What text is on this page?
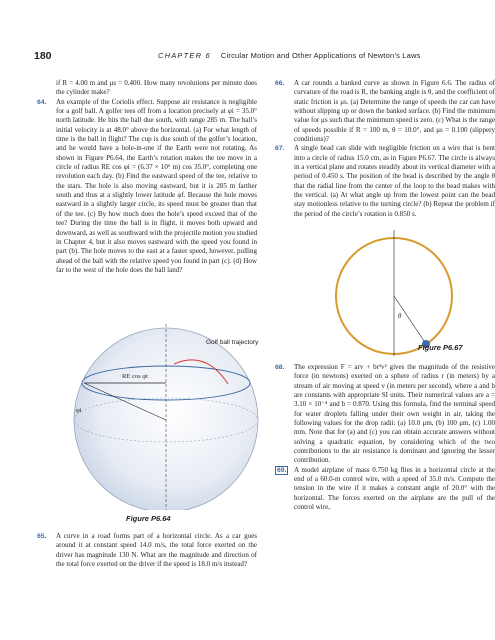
180	CHAPTER 6 Circular Motion and Other Applications of Newton’s Laws

if R = 4.00 m and μs = 0.400. How many revolutions per minute does the cylinder make?

64. An example of the Coriolis effect. Suppose air resistance is negligible for a golf ball. A golfer tees off from a location precisely at φi = 35.0° north latitude. He hits the ball due south, with range 285 m. The ball’s initial velocity is at 48.0° above the horizontal. (a) For what length of time is the ball in flight? The cup is due south of the golfer’s location, and he would have a hole-in-one if the Earth were not rotating. As shown in Figure P6.64, the Earth’s rotation makes the tee move in a circle of radius RE cos φi = (6.37 × 10⁶ m) cos 35.0°, completing one revolution each day. (b) Find the eastward speed of the tee, relative to the stars. The hole is also moving eastward, but it is 285 m farther south and thus at a slightly lower latitude φf. Because the hole moves eastward in a slightly larger circle, its speed must be greater than that of the tee. (c) By how much does the hole’s speed exceed that of the tee? During the time the ball is in flight, it moves both upward and downward, as well as southward with the projectile motion you studied in Chapter 4, but it also moves eastward with the speed you found in part (b). The hole moves to the east at a faster speed, however, pulling ahead of the ball with the relative speed you found in part (c). (d) How far to the west of the hole does the ball land?

65. A curve in a road forms part of a horizontal circle. As a car goes around it at constant speed 14.0 m/s, the total force exerted on the driver has magnitude 130 N. What are the magnitude and direction of the total force exerted on the driver if the speed is 18.0 m/s instead?

66. A car rounds a banked curve as shown in Figure 6.6. The radius of curvature of the road is R, the banking angle is θ, and the coefficient of static friction is μs. (a) Determine the range of speeds the car can have without slipping up or down the banked surface. (b) Find the minimum value for μs such that the minimum speed is zero. (c) What is the range of speeds possible if R = 100 m, θ = 10.0°, and μs = 0.100 (slippery conditions)?

67. A single bead can slide with negligible friction on a wire that is bent into a circle of radius 15.0 cm, as in Figure P6.67. The circle is always in a vertical plane and rotates steadily about its vertical diameter with a period of 0.450 s. The position of the bead is described by the angle θ that the radial line from the center of the loop to the bead makes with the vertical. (a) At what angle up from the lowest point can the bead stay motionless relative to the turning circle? (b) Repeat the problem if the period of the circle’s rotation is 0.850 s.

68. The expression F = arv + br²v² gives the magnitude of the resistive force (in newtons) exerted on a sphere of radius r (in meters) by a stream of air moving at speed v (in meters per second), where a and b are constants with appropriate SI units. Their numerical values are a = 3.10 × 10⁻⁴ and b = 0.870. Using this formula, find the terminal speed for water droplets falling under their own weight in air, taking the following values for the drop radii: (a) 10.0 μm, (b) 100 μm, (c) 1.00 mm. Note that for (a) and (c) you can obtain accurate answers without solving a quadratic equation, by considering which of the two contributions to the air resistance is dominant and ignoring the lesser contribution.

69. A model airplane of mass 0.750 kg flies in a horizontal circle at the end of a 60.0-m control wire, with a speed of 35.0 m/s. Compute the tension in the wire if it makes a constant angle of 20.0° with the horizontal. The forces exerted on the airplane are the pull of the control wire,

Golf ball trajectory
RE cos φi
φi
Figure P6.64
θ
Figure P6.67
